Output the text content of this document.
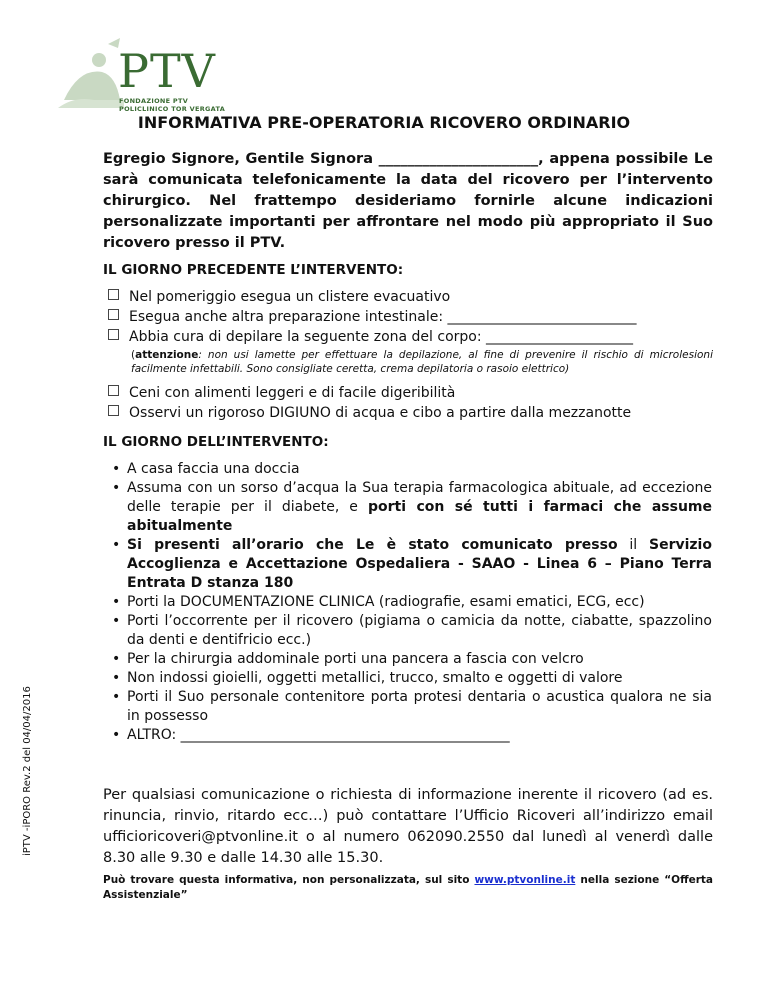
PTV
FONDAZIONE PTV
POLICLINICO TOR VERGATA
INFORMATIVA PRE-OPERATORIA RICOVERO ORDINARIO
Egregio Signore, Gentile Signora ______________________, appena possibile Le sarà comunicata telefonicamente la data del ricovero per l’intervento chirurgico. Nel frattempo desideriamo fornirle alcune indicazioni personalizzate importanti per affrontare nel modo più appropriato il Suo ricovero presso il PTV.
IL GIORNO PRECEDENTE L’INTERVENTO:
Nel pomeriggio esegua un clistere evacuativo
Esegua anche altra preparazione intestinale: ___________________________
Abbia cura di depilare la seguente zona del corpo: _____________________
(attenzione: non usi lamette per effettuare la depilazione, al fine di prevenire il rischio di microlesioni facilmente infettabili. Sono consigliate ceretta, crema depilatoria o rasoio elettrico)
Ceni con alimenti leggeri e di facile digeribilità
Osservi un rigoroso DIGIUNO di acqua e cibo a partire dalla mezzanotte
IL GIORNO DELL’INTERVENTO:
• A casa faccia una doccia
• Assuma con un sorso d’acqua la Sua terapia farmacologica abituale, ad eccezione delle terapie per il diabete, e porti con sé tutti i farmaci che assume abitualmente
• Si presenti all’orario che Le è stato comunicato presso il Servizio Accoglienza e Accettazione Ospedaliera - SAAO - Linea 6 – Piano Terra Entrata D stanza 180
• Porti la DOCUMENTAZIONE CLINICA (radiografie, esami ematici, ECG, ecc)
• Porti l’occorrente per il ricovero (pigiama o camicia da notte, ciabatte, spazzolino da denti e dentifricio ecc.)
• Per la chirurgia addominale porti una pancera a fascia con velcro
• Non indossi gioielli, oggetti metallici, trucco, smalto e oggetti di valore
• Porti il Suo personale contenitore porta protesi dentaria o acustica qualora ne sia in possesso
• ALTRO: _______________________________________________
Per qualsiasi comunicazione o richiesta di informazione inerente il ricovero (ad es. rinuncia, rinvio, ritardo ecc…) può contattare l’Ufficio Ricoveri all’indirizzo email ufficioricoveri@ptvonline.it o al numero 062090.2550 dal lunedì al venerdì dalle 8.30 alle 9.30 e dalle 14.30 alle 15.30.
Può trovare questa informativa, non personalizzata, sul sito www.ptvonline.it nella sezione “Offerta Assistenziale”
iPTV -iPORO Rev.2 del 04/04/2016
